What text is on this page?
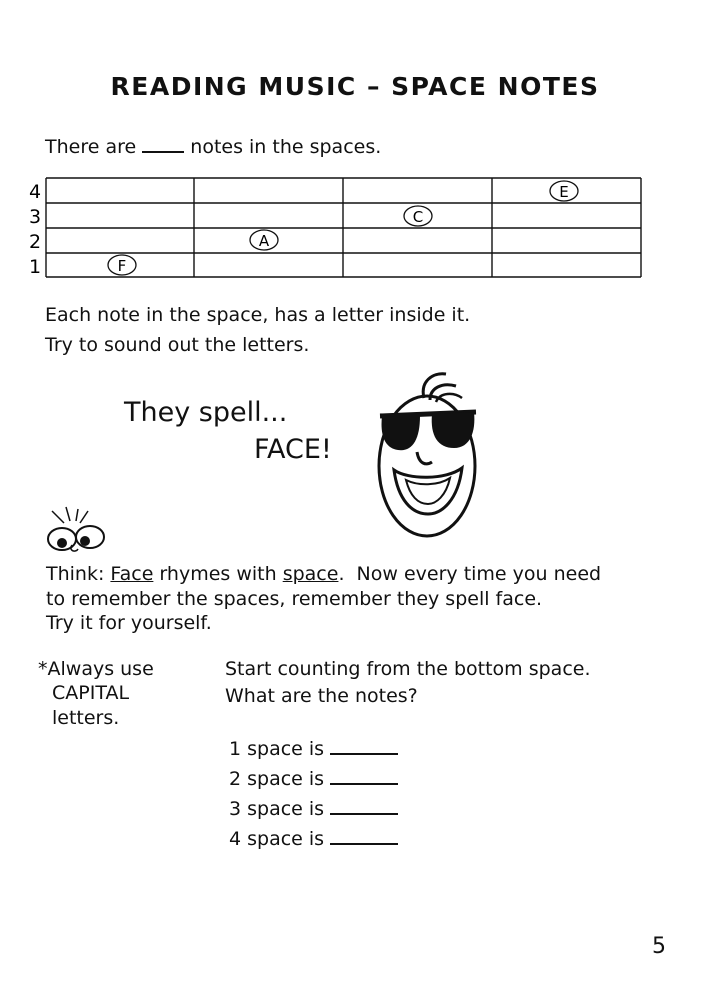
READING MUSIC – SPACE NOTES
There are  notes in the spaces.
4
3
2
1	F
A
C
E
Each note in the space, has a letter inside it.
Try to sound out the letters.
They spell...
FACE!
Think: Face rhymes with space.  Now every time you need
to remember the spaces, remember they spell face.
Try it for yourself.
*Always use
CAPITAL
letters.
Start counting from the bottom space.
What are the notes?
1 space is
2 space is
3 space is
4 space is
5
